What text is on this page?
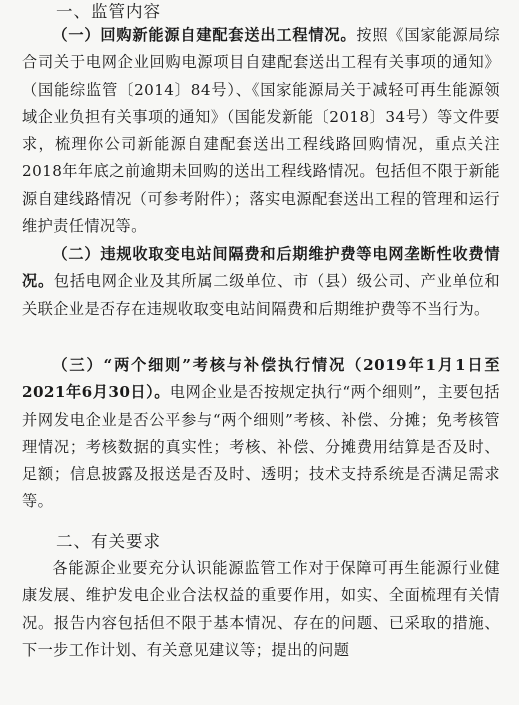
一、监管内容
（一）回购新能源自建配套送出工程情况。按照《国家能源局综合司关于电网企业回购电源项目自建配套送出工程有关事项的通知》（国能综监管〔2014〕84号）、《国家能源局关于减轻可再生能源领域企业负担有关事项的通知》（国能发新能〔2018〕34号）等文件要求，梳理你公司新能源自建配套送出工程线路回购情况，重点关注2018年年底之前逾期未回购的送出工程线路情况。包括但不限于新能源自建线路情况（可参考附件）；落实电源配套送出工程的管理和运行维护责任情况等。
（二）违规收取变电站间隔费和后期维护费等电网垄断性收费情况。包括电网企业及其所属二级单位、市（县）级公司、产业单位和关联企业是否存在违规收取变电站间隔费和后期维护费等不当行为。
（三）“两个细则”考核与补偿执行情况（2019年1月1日至2021年6月30日）。电网企业是否按规定执行“两个细则”，主要包括并网发电企业是否公平参与“两个细则”考核、补偿、分摊；免考核管理情况；考核数据的真实性；考核、补偿、分摊费用结算是否及时、足额；信息披露及报送是否及时、透明；技术支持系统是否满足需求等。
二、有关要求
各能源企业要充分认识能源监管工作对于保障可再生能源行业健康发展、维护发电企业合法权益的重要作用，如实、全面梳理有关情况。报告内容包括但不限于基本情况、存在的问题、已采取的措施、下一步工作计划、有关意见建议等；提出的问题
